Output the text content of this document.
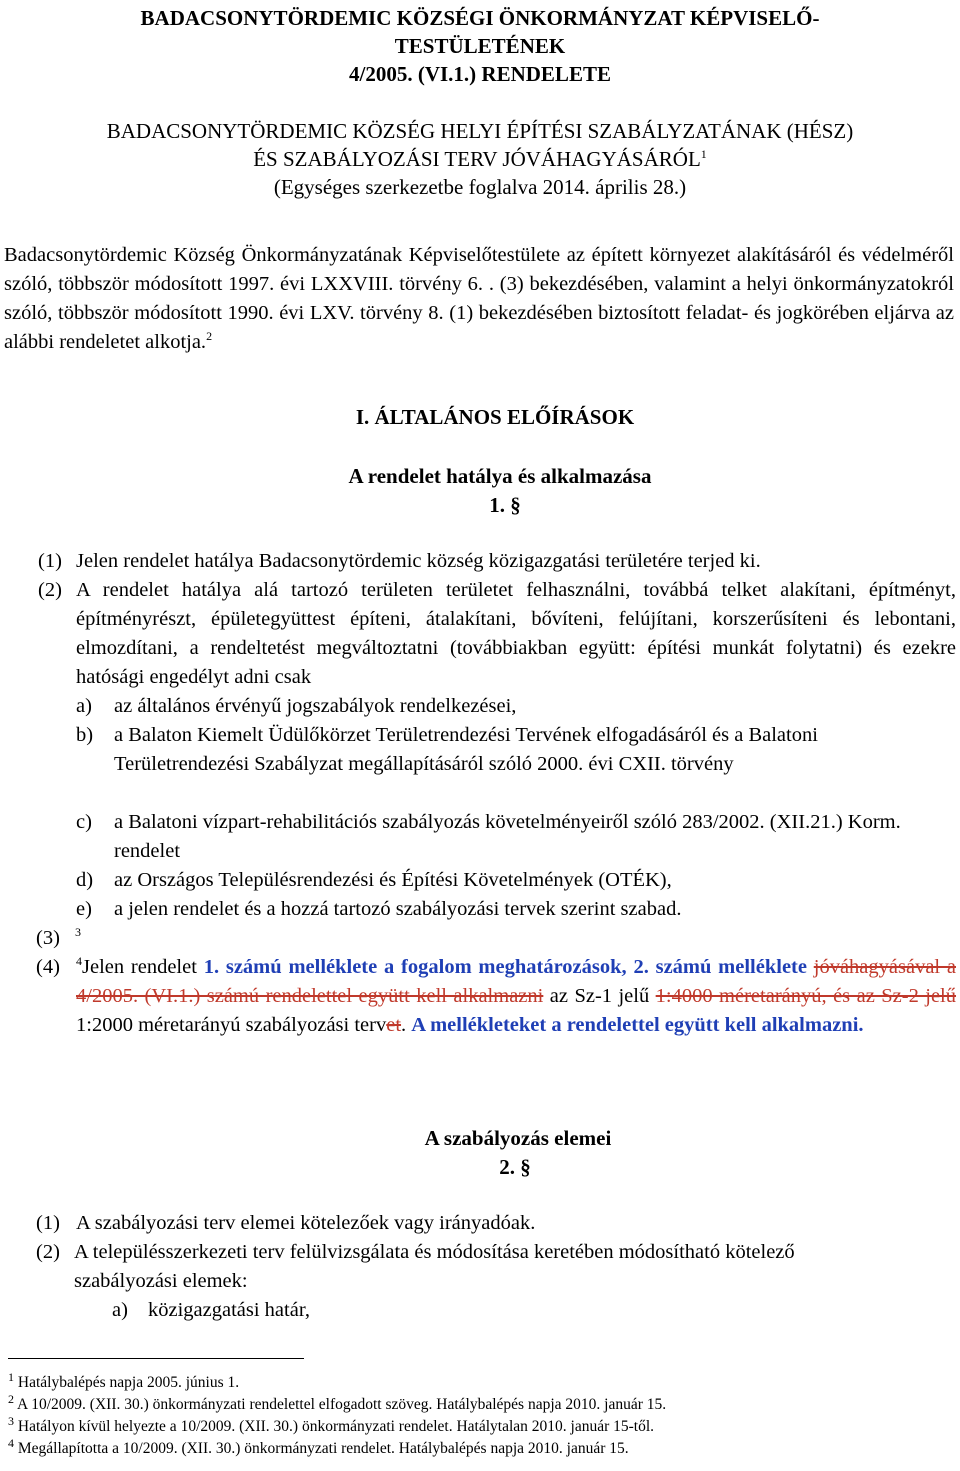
BADACSONYTÖRDEMIC KÖZSÉGI ÖNKORMÁNYZAT KÉPVISELŐ-
TESTÜLETÉNEK
4/2005. (VI.1.) RENDELETE
BADACSONYTÖRDEMIC KÖZSÉG HELYI ÉPÍTÉSI SZABÁLYZATÁNAK (HÉSZ)
ÉS SZABÁLYOZÁSI TERV JÓVÁHAGYÁSÁRÓL$^1$
(Egységes szerkezetbe foglalva 2014. április 28.)
Badacsonytördemic Község Önkormányzatának Képviselőtestülete az épített környezet alakításáról és védelméről szóló, többször módosított 1997. évi LXXVIII. törvény 6. . (3) bekezdésében, valamint a helyi önkormányzatokról szóló, többször módosított 1990. évi LXV. törvény 8. (1) bekezdésében biztosított feladat- és jogkörében eljárva az alábbi rendeletet alkotja.$^2$
I. ÁLTALÁNOS ELŐÍRÁSOK
A rendelet hatálya és alkalmazása
1. §
(1) Jelen rendelet hatálya Badacsonytördemic község közigazgatási területére terjed ki.
(2) A rendelet hatálya alá tartozó területen területet felhasználni, továbbá telket alakítani, építményt, építményrészt, épületegyüttest építeni, átalakítani, bővíteni, felújítani, korszerűsíteni és lebontani, elmozdítani, a rendeltetést megváltoztatni (továbbiakban együtt: építési munkát folytatni) és ezekre hatósági engedélyt adni csak
a) az általános érvényű jogszabályok rendelkezései,
b) a Balaton Kiemelt Üdülőkörzet Területrendezési Tervének elfogadásáról és a Balatoni Területrendezési Szabályzat megállapításáról szóló 2000. évi CXII. törvény
c) a Balatoni vízpart-rehabilitációs szabályozás követelményeiről szóló 283/2002. (XII.21.) Korm. rendelet
d) az Országos Településrendezési és Építési Követelmények (OTÉK),
e) a jelen rendelet és a hozzá tartozó szabályozási tervek szerint szabad.
(3) $^3$
(4) $^4$Jelen rendelet 1. számú melléklete a fogalom meghatározások, 2. számú melléklete jóváhagyásával a 4/2005. (VI.1.) számú rendelettel együtt kell alkalmazni az Sz-1 jelű 1:4000 méretarányú, és az Sz-2 jelű 1:2000 méretarányú szabályozási tervet. A mellékleteket a rendelettel együtt kell alkalmazni.
A szabályozás elemei
2. §
(1) A szabályozási terv elemei kötelezőek vagy irányadóak.
(2) A településszerkezeti terv felülvizsgálata és módosítása keretében módosítható kötelező szabályozási elemek:
a) közigazgatási határ,
$^1$ Hatálybalépés napja 2005. június 1.
$^2$ A 10/2009. (XII. 30.) önkormányzati rendelettel elfogadott szöveg. Hatálybalépés napja 2010. január 15.
$^3$ Hatályon kívül helyezte a 10/2009. (XII. 30.) önkormányzati rendelet. Hatálytalan 2010. január 15-től.
$^4$ Megállapította a 10/2009. (XII. 30.) önkormányzati rendelet. Hatálybalépés napja 2010. január 15.
